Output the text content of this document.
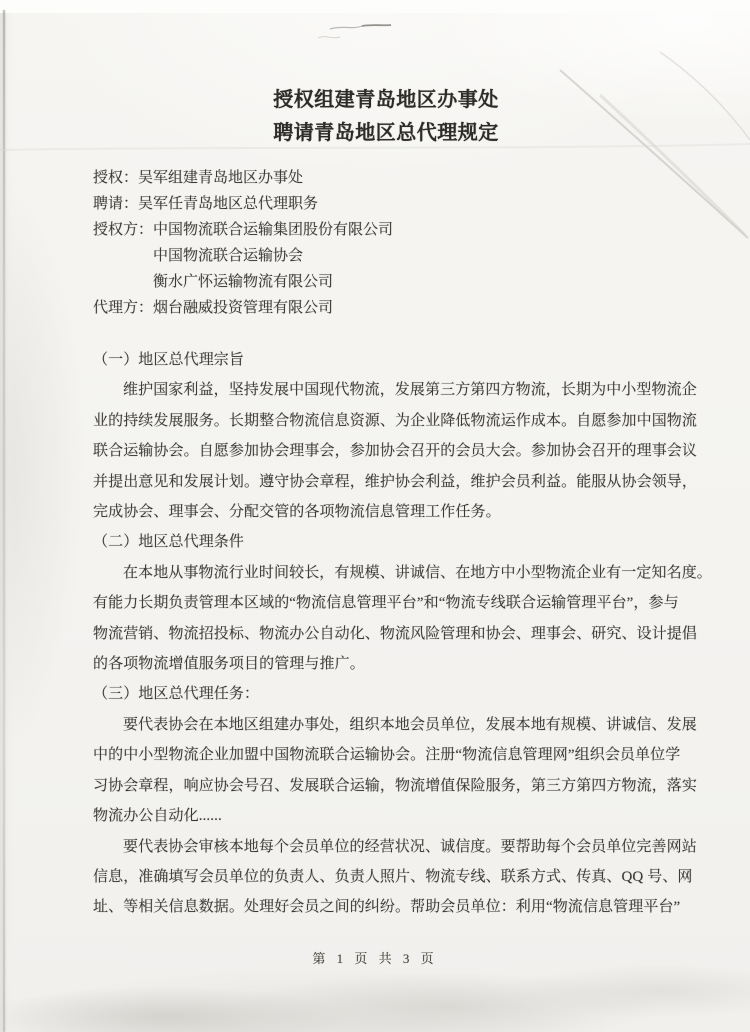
授权组建青岛地区办事处
聘请青岛地区总代理规定
授权：吴军组建青岛地区办事处
聘请：吴军任青岛地区总代理职务
授权方：中国物流联合运输集团股份有限公司
中国物流联合运输协会
衡水广怀运输物流有限公司
代理方：烟台融威投资管理有限公司
（一）地区总代理宗旨
维护国家利益，坚持发展中国现代物流，发展第三方第四方物流，长期为中小型物流企
业的持续发展服务。长期整合物流信息资源、为企业降低物流运作成本。自愿参加中国物流
联合运输协会。自愿参加协会理事会，参加协会召开的会员大会。参加协会召开的理事会议
并提出意见和发展计划。遵守协会章程，维护协会利益，维护会员利益。能服从协会领导，
完成协会、理事会、分配交管的各项物流信息管理工作任务。
（二）地区总代理条件
在本地从事物流行业时间较长，有规模、讲诚信、在地方中小型物流企业有一定知名度。
有能力长期负责管理本区域的“物流信息管理平台”和“物流专线联合运输管理平台”，参与
物流营销、物流招投标、物流办公自动化、物流风险管理和协会、理事会、研究、设计提倡
的各项物流增值服务项目的管理与推广。
（三）地区总代理任务：
要代表协会在本地区组建办事处，组织本地会员单位，发展本地有规模、讲诚信、发展
中的中小型物流企业加盟中国物流联合运输协会。注册“物流信息管理网”组织会员单位学
习协会章程，响应协会号召、发展联合运输，物流增值保险服务，第三方第四方物流，落实
物流办公自动化......
要代表协会审核本地每个会员单位的经营状况、诚信度。要帮助每个会员单位完善网站
信息，准确填写会员单位的负责人、负责人照片、物流专线、联系方式、传真、QQ 号、网
址、等相关信息数据。处理好会员之间的纠纷。帮助会员单位：利用“物流信息管理平台”
第 1 页 共 3 页
